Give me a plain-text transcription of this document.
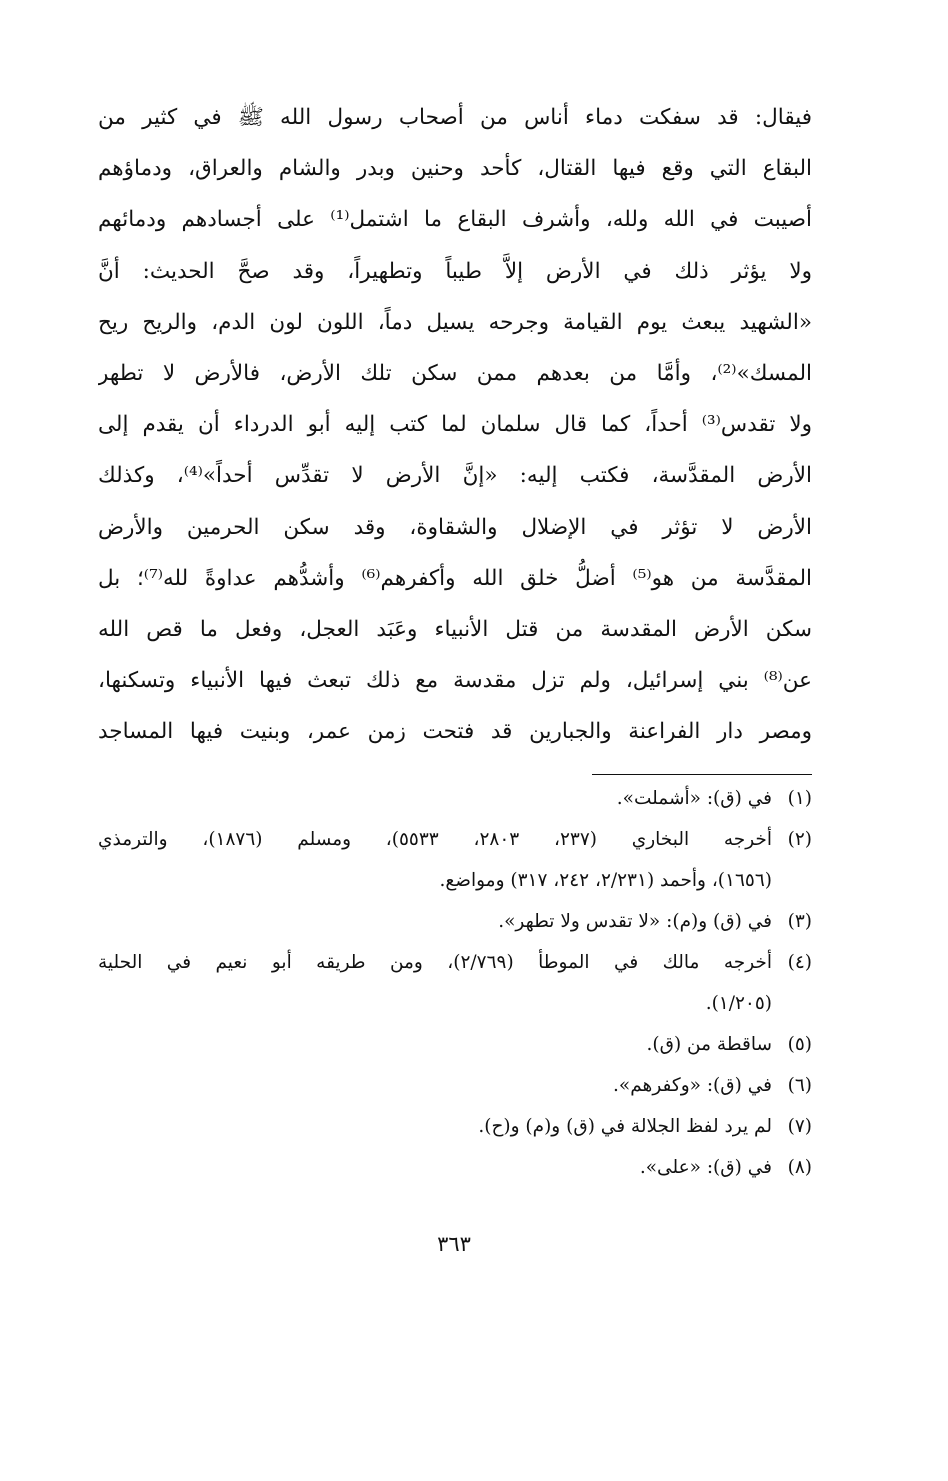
فيقال: قد سفكت دماء أناس من أصحاب رسول الله ﷺ في كثير من
البقاع التي وقع فيها القتال، كأحد وحنين وبدر والشام والعراق، ودماؤهم
أصيبت في الله ولله، وأشرف البقاع ما اشتمل⁽¹⁾ على أجسادهم ودمائهم
ولا يؤثر ذلك في الأرض إلاَّ طيباً وتطهيراً، وقد صحَّ الحديث: أنَّ
«الشهيد يبعث يوم القيامة وجرحه يسيل دماً، اللون لون الدم، والريح ريح
المسك»⁽²⁾، وأمَّا من بعدهم ممن سكن تلك الأرض، فالأرض لا تطهر
ولا تقدس⁽³⁾ أحداً، كما قال سلمان لما كتب إليه أبو الدرداء أن يقدم إلى
الأرض المقدَّسة، فكتب إليه: «إنَّ الأرض لا تقدِّس أحداً»⁽⁴⁾، وكذلك
الأرض لا تؤثر في الإضلال والشقاوة، وقد سكن الحرمين والأرض
المقدَّسة من هو⁽⁵⁾ أضلُّ خلق الله وأكفرهم⁽⁶⁾ وأشدُّهم عداوةً لله⁽⁷⁾؛ بل
سكن الأرض المقدسة من قتل الأنبياء وعَبَد العجل، وفعل ما قص الله
عن⁽⁸⁾ بني إسرائيل، ولم تزل مقدسة مع ذلك تبعث فيها الأنبياء وتسكنها،
ومصر دار الفراعنة والجبارين قد فتحت زمن عمر، وبنيت فيها المساجد
(١)
في (ق): «أشملت».
(٢)
أخرجه البخاري (٢٣٧، ٢٨٠٣، ٥٥٣٣)، ومسلم (١٨٧٦)، والترمذي
(١٦٥٦)، وأحمد (٢/٢٣١، ٢٤٢، ٣١٧) ومواضع.
(٣)
في (ق) و(م): «لا تقدس ولا تطهر».
(٤)
أخرجه مالك في الموطأ (٢/٧٦٩)، ومن طريقه أبو نعيم في الحلية
(١/٢٠٥).
(٥)
ساقطة من (ق).
(٦)
في (ق): «وكفرهم».
(٧)
لم يرد لفظ الجلالة في (ق) و(م) و(ح).
(٨)
في (ق): «على».
٣٦٣
